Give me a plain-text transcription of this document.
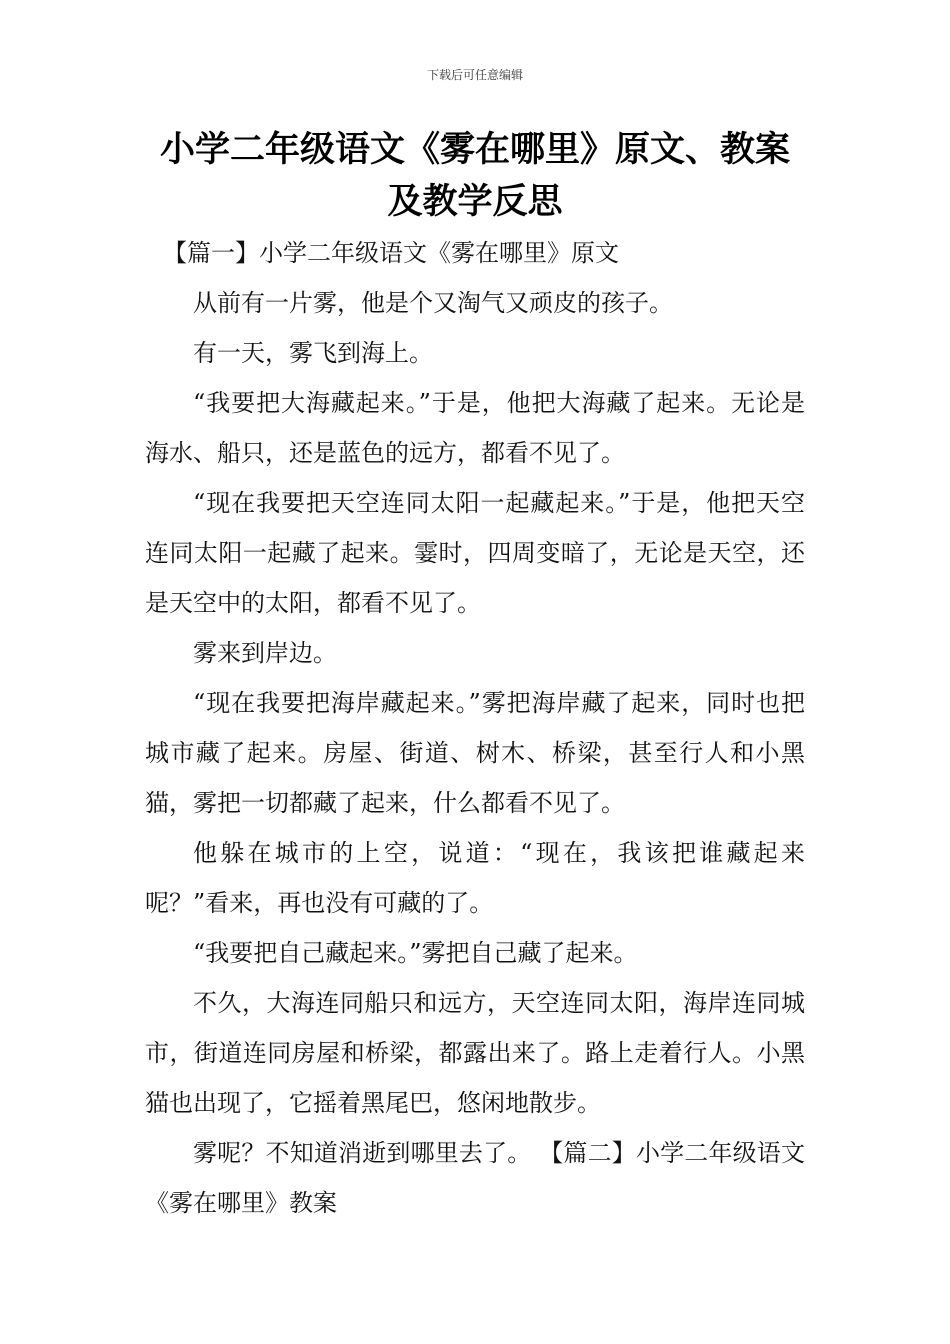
下载后可任意编辑
小学二年级语文《雾在哪里》原文、教案及教学反思

【篇一】小学二年级语文《雾在哪里》原文

从前有一片雾，他是个又淘气又顽皮的孩子。

有一天，雾飞到海上。

“我要把大海藏起来。”于是，他把大海藏了起来。无论是海水、船只，还是蓝色的远方，都看不见了。

“现在我要把天空连同太阳一起藏起来。”于是，他把天空连同太阳一起藏了起来。霎时，四周变暗了，无论是天空，还是天空中的太阳，都看不见了。

雾来到岸边。

“现在我要把海岸藏起来。”雾把海岸藏了起来，同时也把城市藏了起来。房屋、街道、树木、桥梁，甚至行人和小黑猫，雾把一切都藏了起来，什么都看不见了。

他躲在城市的上空，说道：“现在，我该把谁藏起来呢？”看来，再也没有可藏的了。

“我要把自己藏起来。”雾把自己藏了起来。

不久，大海连同船只和远方，天空连同太阳，海岸连同城市，街道连同房屋和桥梁，都露出来了。路上走着行人。小黑猫也出现了，它摇着黑尾巴，悠闲地散步。

雾呢？不知道消逝到哪里去了。 【篇二】小学二年级语文《雾在哪里》教案
